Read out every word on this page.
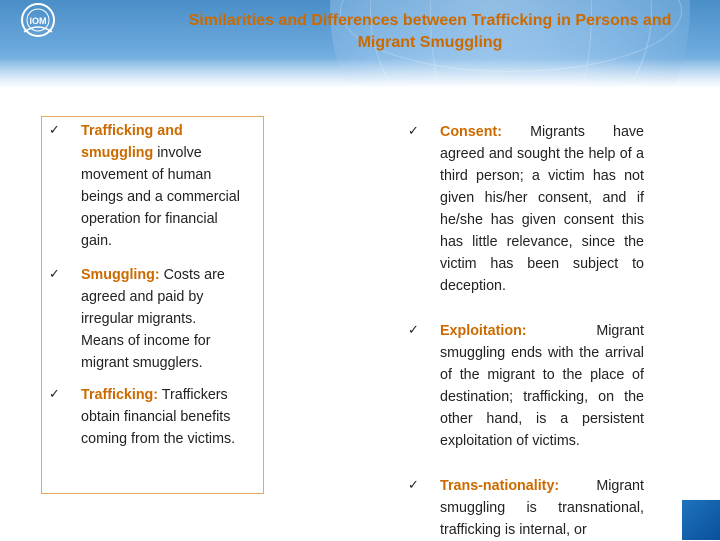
IOM	Similarities and Differences between Trafficking in Persons and
Migrant Smuggling
✓ Trafficking and
smuggling involve
movement of human
beings and a commercial
operation for financial
gain.
✓ Smuggling: Costs are
agreed and paid by
irregular migrants.
Means of income for
migrant smugglers.
✓ Trafficking: Traffickers
obtain financial benefits
coming from the victims.
✓ Consent: Migrants have agreed and sought the help of a third person; a victim has not given his/her consent, and if he/she has given consent this has little relevance, since the victim has been subject to deception.
✓ Exploitation:	Migrant smuggling ends with the arrival of the migrant to the place of destination; trafficking, on the other hand, is a persistent exploitation of victims.
✓ Trans-nationality:	Migrant smuggling is transnational, trafficking is internal, or
